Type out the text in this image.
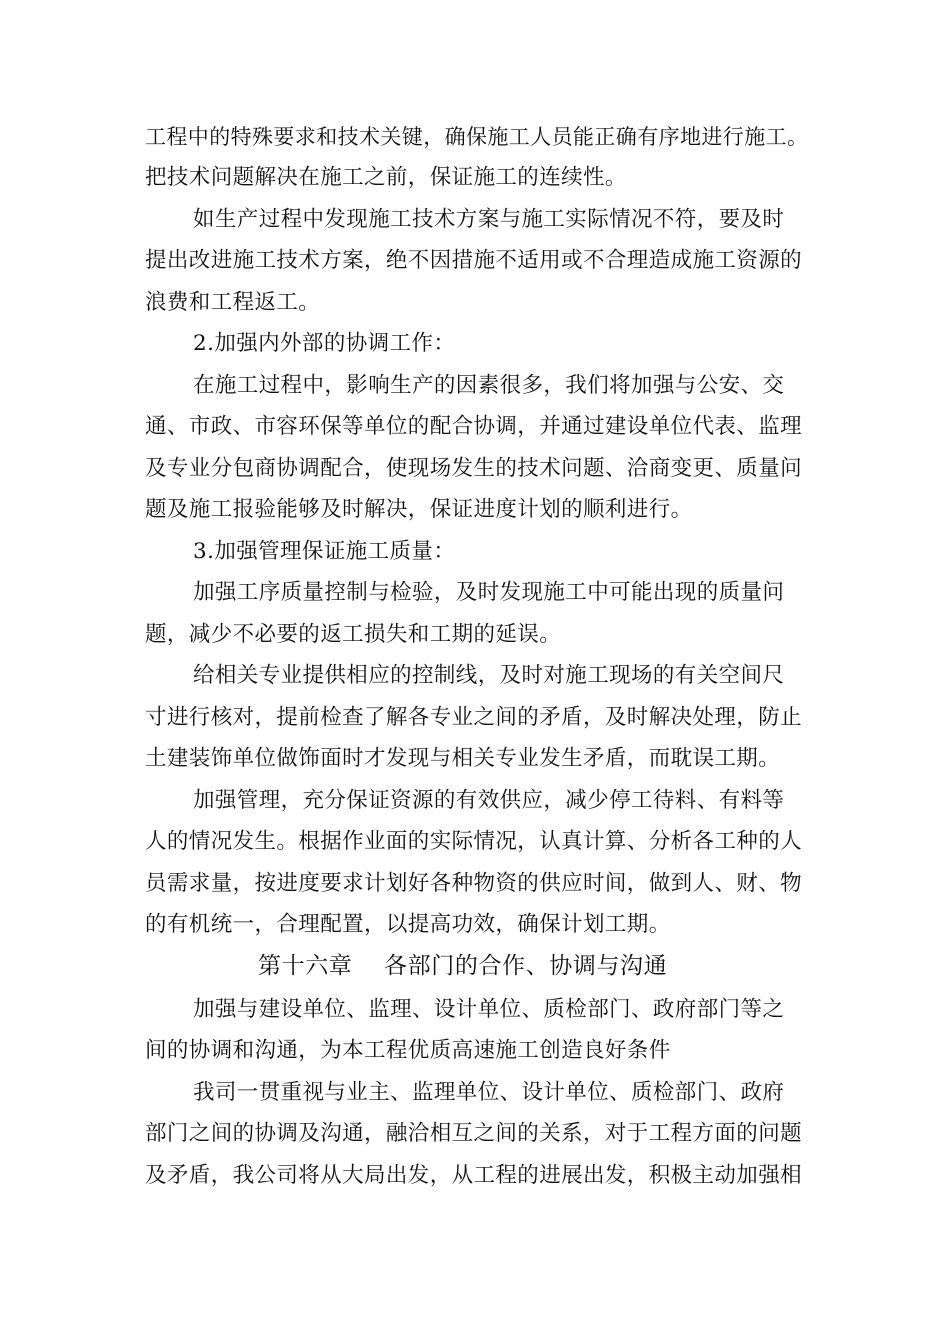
工程中的特殊要求和技术关键，确保施工人员能正确有序地进行施工。
把技术问题解决在施工之前，保证施工的连续性。
如生产过程中发现施工技术方案与施工实际情况不符，要及时
提出改进施工技术方案，绝不因措施不适用或不合理造成施工资源的
浪费和工程返工。
2.加强内外部的协调工作：
在施工过程中，影响生产的因素很多，我们将加强与公安、交
通、市政、市容环保等单位的配合协调，并通过建设单位代表、监理
及专业分包商协调配合，使现场发生的技术问题、洽商变更、质量问
题及施工报验能够及时解决，保证进度计划的顺利进行。
3.加强管理保证施工质量：
加强工序质量控制与检验，及时发现施工中可能出现的质量问
题，减少不必要的返工损失和工期的延误。
给相关专业提供相应的控制线，及时对施工现场的有关空间尺
寸进行核对，提前检查了解各专业之间的矛盾，及时解决处理，防止
土建装饰单位做饰面时才发现与相关专业发生矛盾，而耽误工期。
加强管理，充分保证资源的有效供应，减少停工待料、有料等
人的情况发生。根据作业面的实际情况，认真计算、分析各工种的人
员需求量，按进度要求计划好各种物资的供应时间，做到人、财、物
的有机统一，合理配置，以提高功效，确保计划工期。
第十六章    各部门的合作、协调与沟通
加强与建设单位、监理、设计单位、质检部门、政府部门等之
间的协调和沟通，为本工程优质高速施工创造良好条件
我司一贯重视与业主、监理单位、设计单位、质检部门、政府
部门之间的协调及沟通，融洽相互之间的关系，对于工程方面的问题
及矛盾，我公司将从大局出发，从工程的进展出发，积极主动加强相
